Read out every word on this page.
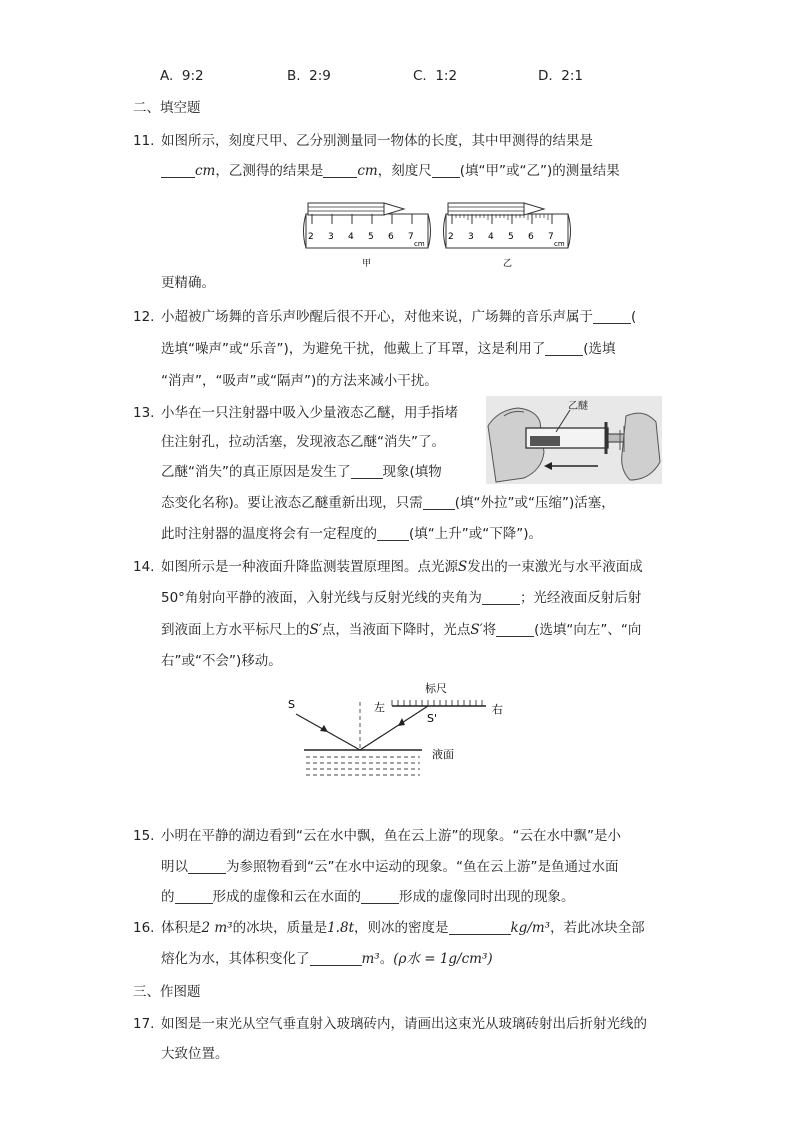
A. 9:2	B. 2:9	C. 1:2	D. 2:1
二、填空题
11. 如图所示，刻度尺甲、乙分别测量同一物体的长度，其中甲测得的结果是
cm，乙测得的结果是	cm，刻度尺 (填“甲”或“乙”)的测量结果
2 3 4 5 6 7
cm
甲
2 3 4 5 6 7
cm
乙
更精确。
12. 小超被广场舞的音乐声吵醒后很不开心，对他来说，广场舞的音乐声属于	(
选填“噪声”或“乐音”)，为避免干扰，他戴上了耳罩，这是利用了	(选填
“消声”，“吸声”或“隔声”)的方法来减小干扰。
13. 小华在一只注射器中吸入少量液态乙醚，用手指堵
住注射孔，拉动活塞，发现液态乙醚“消失”了。
乙醚“消失”的真正原因是发生了 现象(填物
态变化名称)。要让液态乙醚重新出现，只需 (填“外拉”或“压缩”)活塞，
此时注射器的温度将会有一定程度的 (填“上升”或“下降”)。
乙醚
14. 如图所示是一种液面升降监测装置原理图。点光源S发出的一束激光与水平液面成
50°角射向平静的液面，入射光线与反射光线的夹角为	；光经液面反射后射
到液面上方水平标尺上的S′点，当液面下降时，光点S′将	(选填“向左”、“向
右”或“不会”)移动。
标尺
左	右
S
S'
液面
15. 小明在平静的湖边看到“云在水中飘，鱼在云上游”的现象。“云在水中飘”是小
明以	为参照物看到“云”在水中运动的现象。“鱼在云上游”是鱼通过水面
的	形成的虚像和云在水面的	形成的虚像同时出现的现象。
16. 体积是2 m³的冰块，质量是1.8t，则冰的密度是	kg/m³，若此冰块全部
熔化为水，其体积变化了	m³。(ρ水 = 1g/cm³)
三、作图题
17. 如图是一束光从空气垂直射入玻璃砖内，请画出这束光从玻璃砖射出后折射光线的
大致位置。
